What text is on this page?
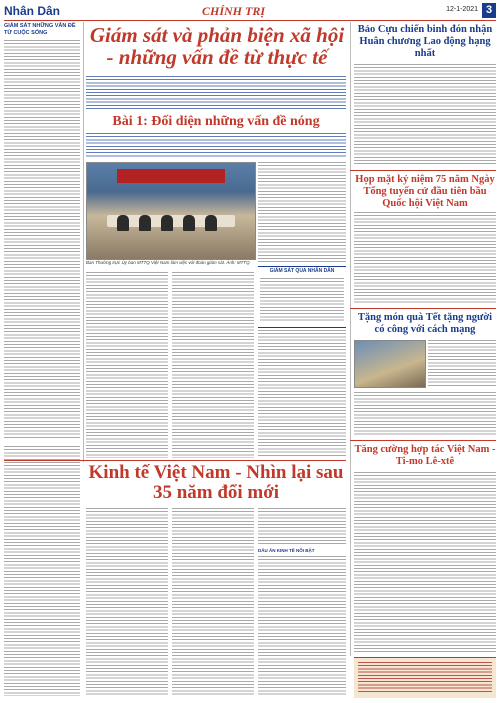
Nhân Dân	CHÍNH TRỊ	12-1-2021 3
GIÁM SÁT NHỮNG VẤN ĐỀ TỪ CUỘC SỐNG	Giám sát và phản biện xã hội - những vấn đề từ thực tế
Bài 1: Đối diện những vấn đề nóng
Ban Thường trực Ủy ban MTTQ Việt Nam làm việc với đoàn giám sát. Ảnh: MTTQ
GIÁM SÁT QUA NHÂN DÂN
Kinh tế Việt Nam - Nhìn lại sau 35 năm đổi mới
DẤU ẤN KINH TẾ NỔI BẬT
Bảo Cựu chiến binh đón nhận Huân chương Lao động hạng nhất
Họp mặt kỷ niệm 75 năm Ngày Tổng tuyển cử đầu tiên bầu Quốc hội Việt Nam
Tặng món quà Tết tặng người có công với cách mạng
Tăng cường hợp tác Việt Nam - Ti-mo Lê-xtê
